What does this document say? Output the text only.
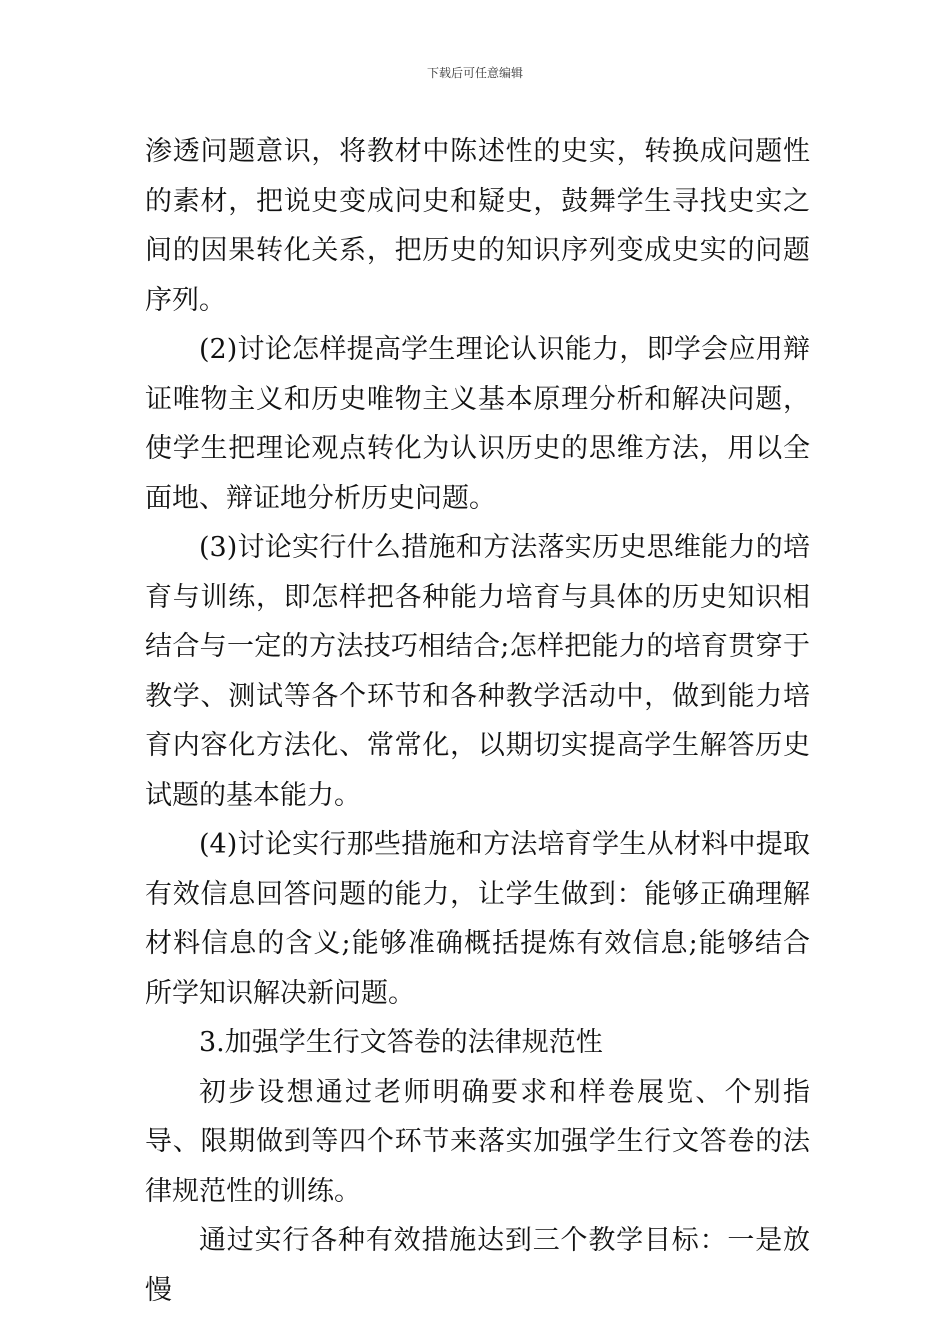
下载后可任意编辑

渗透问题意识，将教材中陈述性的史实，转换成问题性的素材，把说史变成问史和疑史，鼓舞学生寻找史实之间的因果转化关系，把历史的知识序列变成史实的问题序列。

(2)讨论怎样提高学生理论认识能力，即学会应用辩证唯物主义和历史唯物主义基本原理分析和解决问题，使学生把理论观点转化为认识历史的思维方法，用以全面地、辩证地分析历史问题。

(3)讨论实行什么措施和方法落实历史思维能力的培育与训练，即怎样把各种能力培育与具体的历史知识相结合与一定的方法技巧相结合;怎样把能力的培育贯穿于教学、测试等各个环节和各种教学活动中，做到能力培育内容化方法化、常常化，以期切实提高学生解答历史试题的基本能力。

(4)讨论实行那些措施和方法培育学生从材料中提取有效信息回答问题的能力，让学生做到：能够正确理解材料信息的含义;能够准确概括提炼有效信息;能够结合所学知识解决新问题。

3.加强学生行文答卷的法律规范性

初步设想通过老师明确要求和样卷展览、个别指导、限期做到等四个环节来落实加强学生行文答卷的法律规范性的训练。

通过实行各种有效措施达到三个教学目标：一是放慢
